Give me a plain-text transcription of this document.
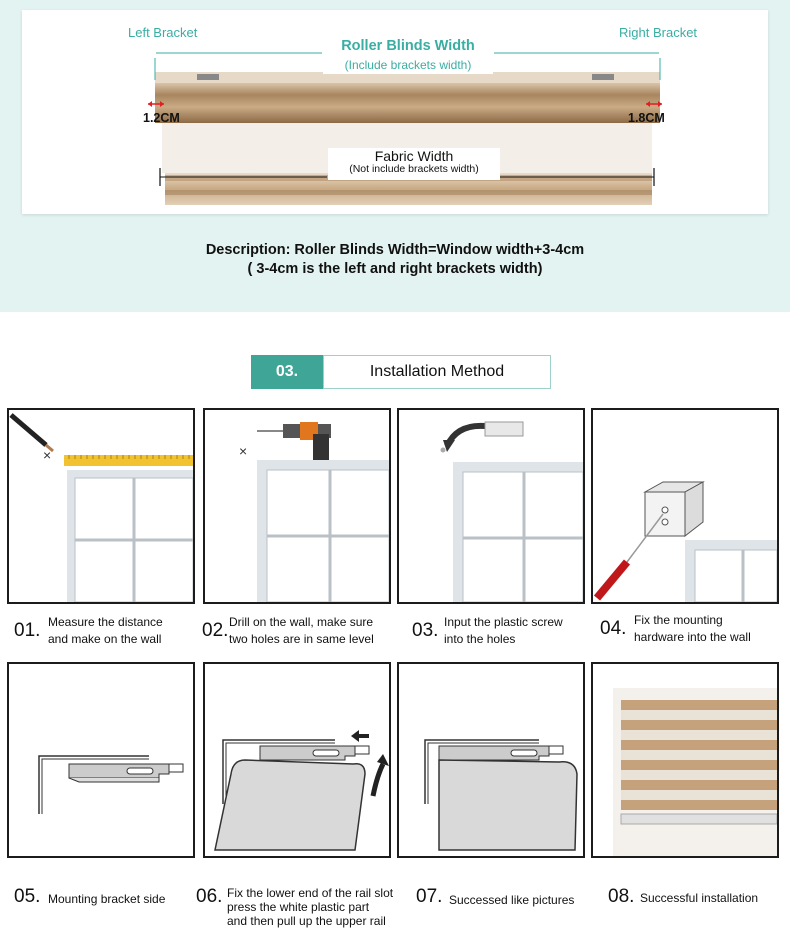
Left Bracket	Right Bracket
Roller Blinds Width
(Include brackets width)
1.2CM	1.8CM
Fabric Width
(Not include brackets width)
Description: Roller Blinds Width=Window width+3-4cm
( 3-4cm is the left and right brackets width)
03.	Installation Method
×	×
01. Measure the distance
and make on the wall 02. Drill on the wall, make sure
two holes are in same level 03. Input the plastic screw
into the holes	04. Fix the mounting
hardware into the wall
05. Mounting bracket side 06. Fix the lower end of the rail slot
press the white plastic part
and then pull up the upper rail
07. Successed like pictures 08. Successful installation
